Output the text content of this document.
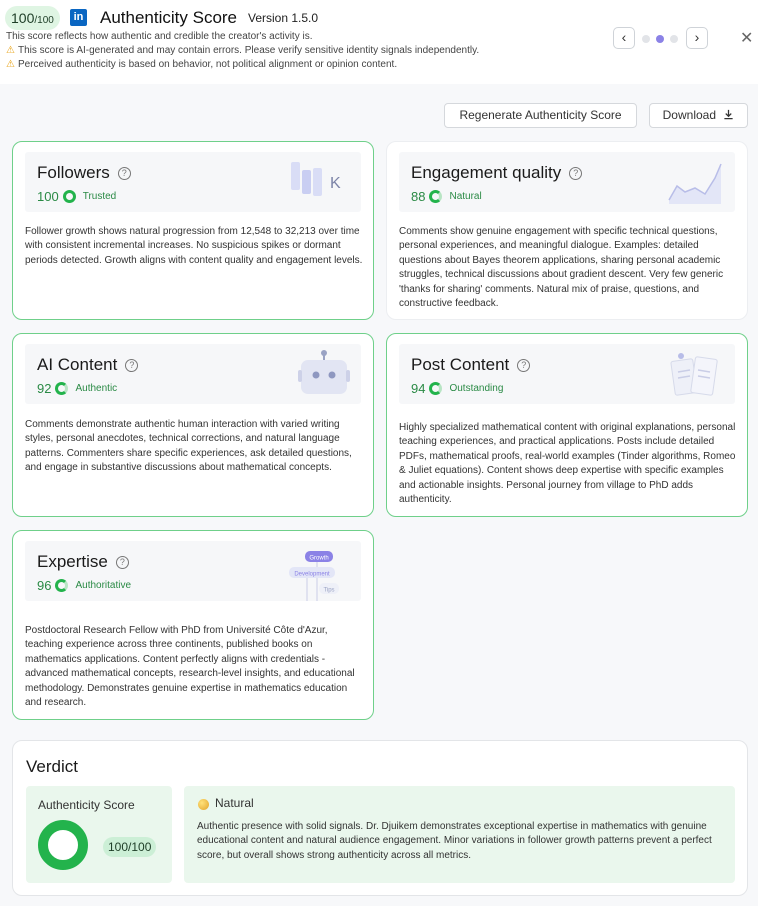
100 /100	in Authenticity Score Version 1.5.0
This score reflects how authentic and credible the creator's activity is.
⚠ This score is AI-generated and may contain errors. Please verify sensitive identity signals independently.
⚠ Perceived authenticity is based on behavior, not political alignment or opinion content.
‹	›	✕
Regenerate Authenticity Score	Download
Followers ?
100 Trusted
K
Follower growth shows natural progression from 12,548 to 32,213 over time with consistent incremental increases. No suspicious spikes or dormant periods detected. Growth aligns with content quality and engagement levels.
Engagement quality ?
88 Natural
Comments show genuine engagement with specific technical questions, personal experiences, and meaningful dialogue. Examples: detailed questions about Bayes theorem applications, sharing personal academic struggles, technical discussions about gradient descent. Very few generic 'thanks for sharing' comments. Natural mix of praise, questions, and constructive feedback.
AI Content ?
92 Authentic
Comments demonstrate authentic human interaction with varied writing styles, personal anecdotes, technical corrections, and natural language patterns. Commenters share specific experiences, ask detailed questions, and engage in substantive discussions about mathematical concepts.
Post Content ?
94 Outstanding
Highly specialized mathematical content with original explanations, personal teaching experiences, and practical applications. Posts include detailed PDFs, mathematical proofs, real-world examples (Tinder algorithms, Romeo & Juliet equations). Content shows deep expertise with specific examples and actionable insights. Personal journey from village to PhD adds authenticity.
Expertise ?
96 Authoritative
Growth
Development
Tips
Postdoctoral Research Fellow with PhD from Université Côte d'Azur, teaching experience across three continents, published books on mathematics applications. Content perfectly aligns with credentials - advanced mathematical concepts, research-level insights, and educational methodology. Demonstrates genuine expertise in mathematics education and research.
Verdict
Authenticity Score
100/100
Natural
Authentic presence with solid signals. Dr. Djuikem demonstrates exceptional expertise in mathematics with genuine educational content and natural audience engagement. Minor variations in follower growth patterns prevent a perfect score, but overall shows strong authenticity across all metrics.
